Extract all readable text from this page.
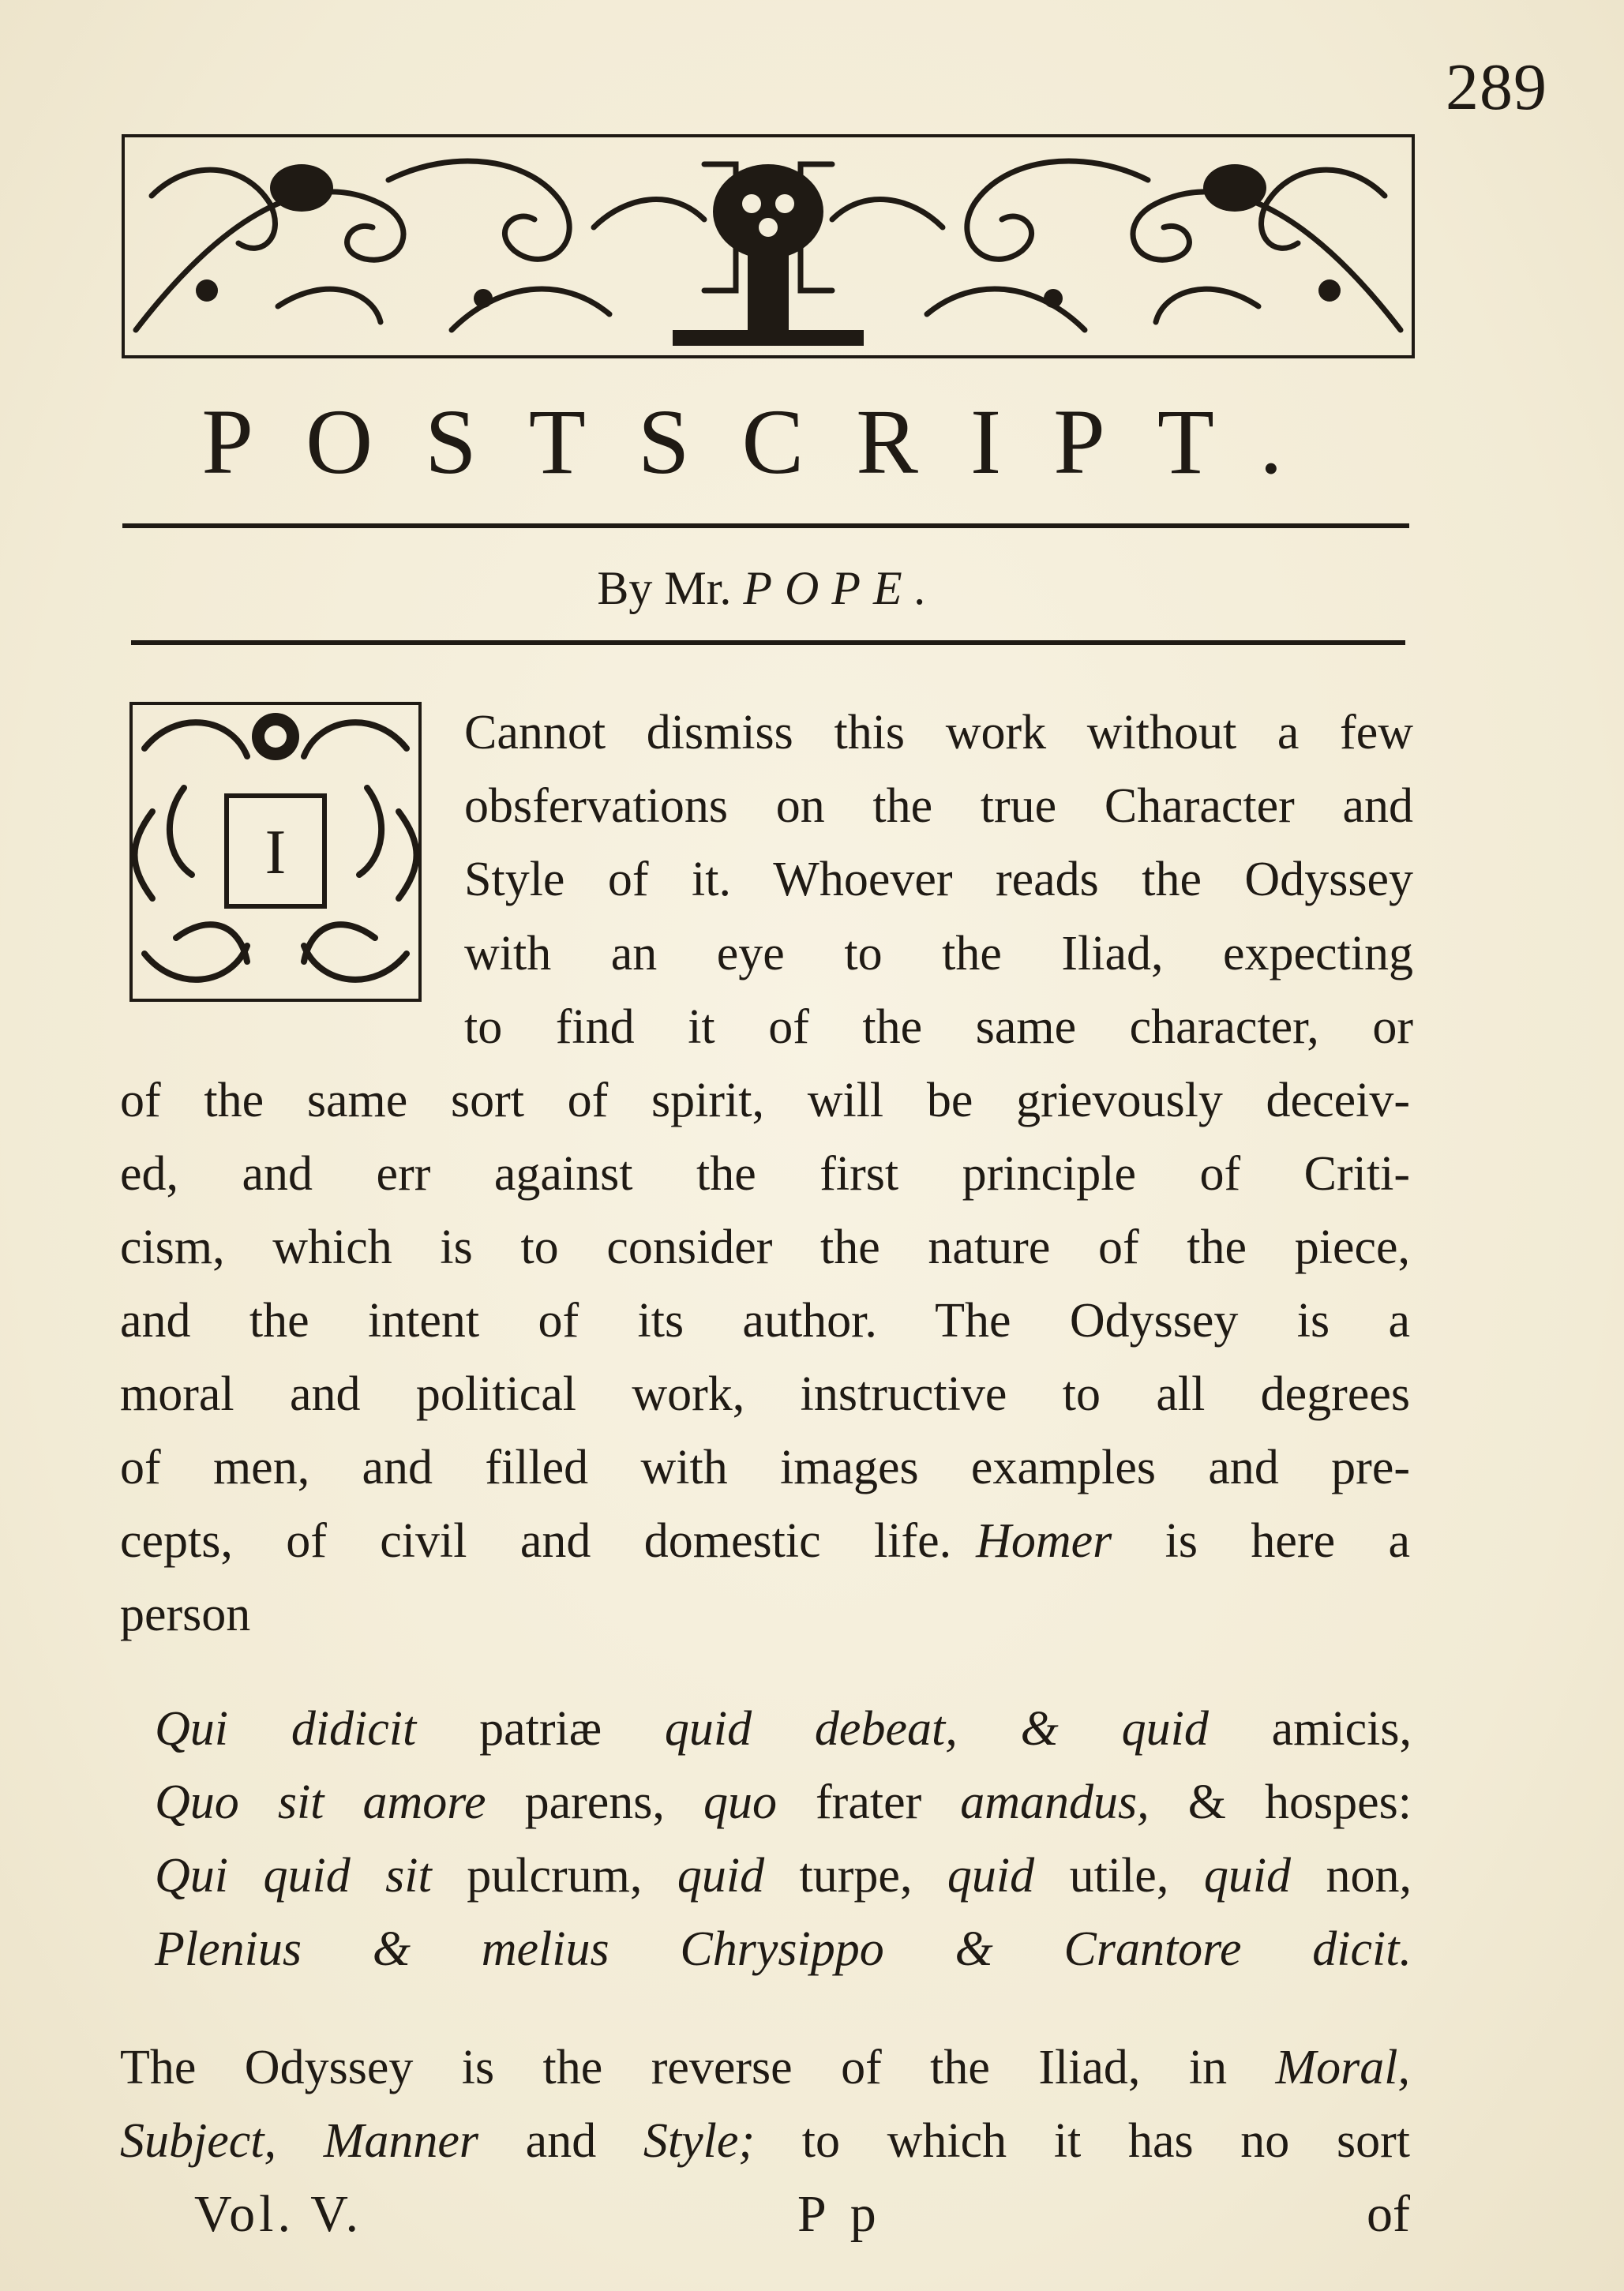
289
POSTSCRIPT.
By Mr. POPE.
I
Cannot dismiss this work without a few
obsfervations on the true Character and
Style of it. Whoever reads the Odyssey
with an eye to the Iliad, expecting
to find it of the same character, or
of the same sort of spirit, will be grievously deceiv-
ed, and err against the first principle of Criti-
cism, which is to consider the nature of the piece,
and the intent of its author. The Odyssey is a
moral and political work, instructive to all degrees
of men, and filled with images examples and pre-
cepts, of civil and domestic life.  Homer is here a
person
Qui didicit patriæ quid debeat, & quid amicis,
Quo sit amore parens, quo frater amandus, & hospes:
Qui quid sit pulcrum, quid turpe, quid utile, quid non,
Plenius & melius Chrysippo & Crantore dicit.
The Odyssey is the reverse of the Iliad, in Moral,
Subject, Manner and Style; to which it has no sort
Vol. V.	P p	of
